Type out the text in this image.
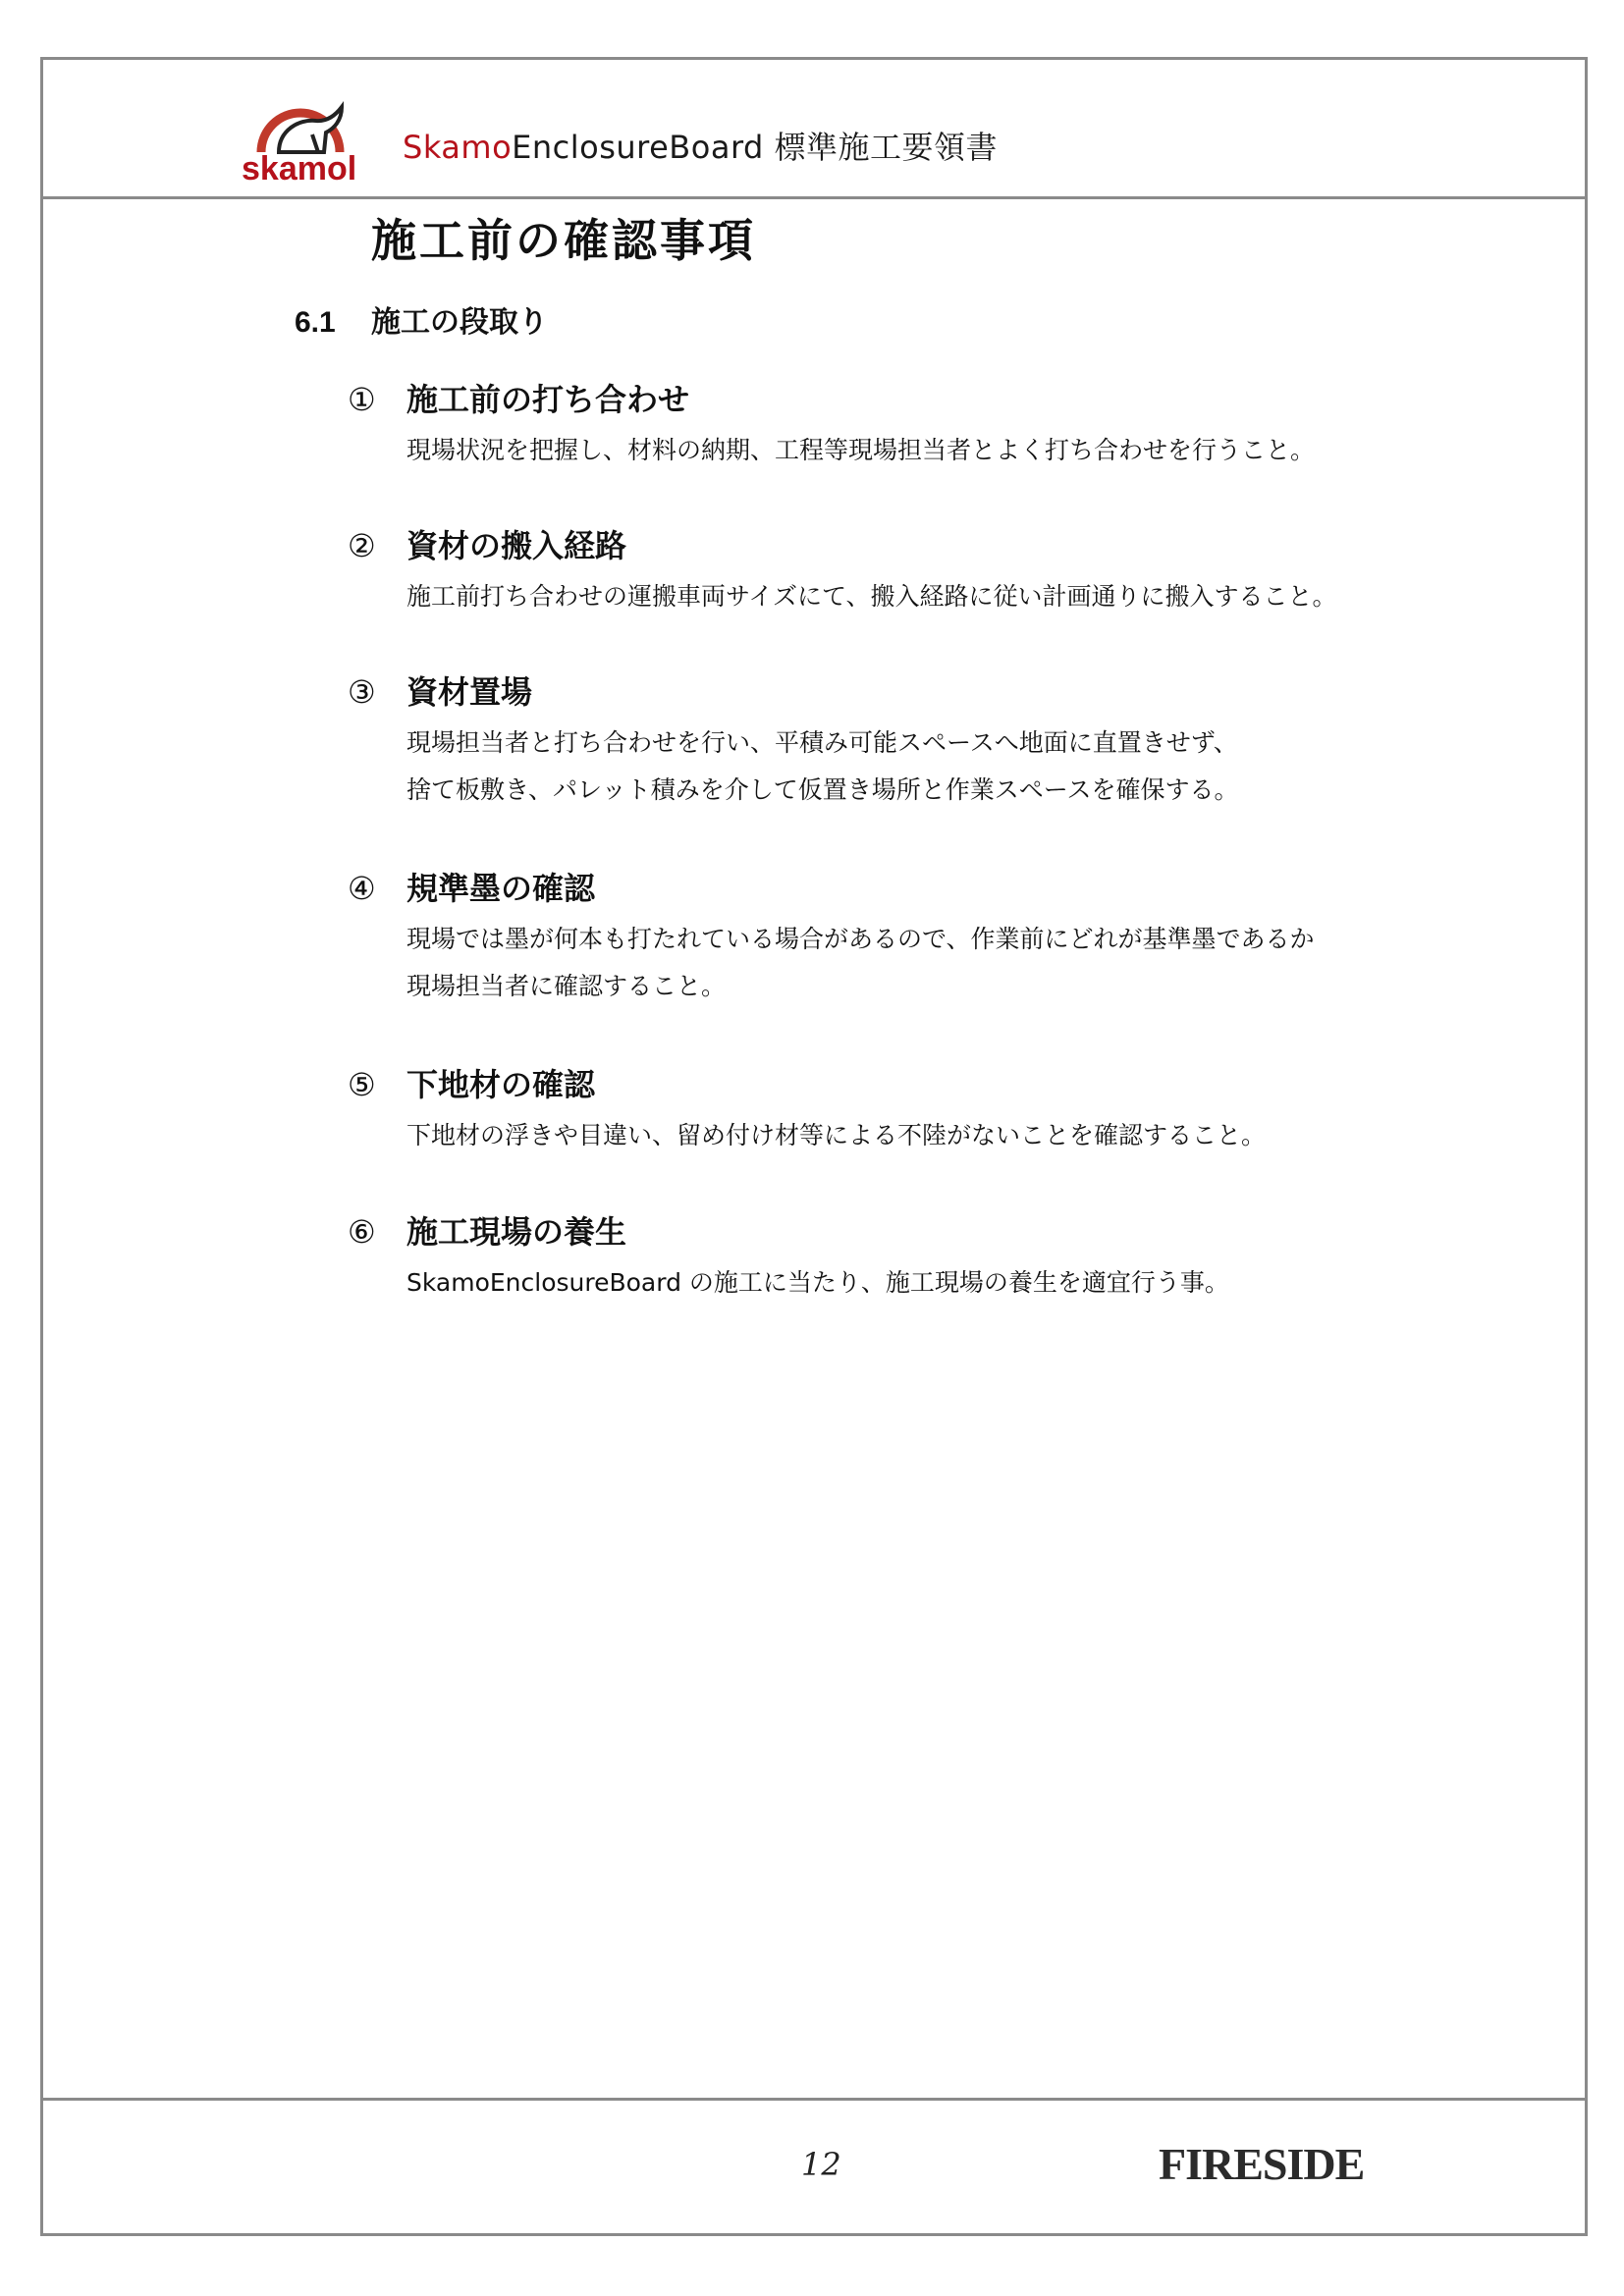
skamol
SkamoEnclosureBoard 標準施工要領書
施工前の確認事項
6.1 施工の段取り
① 施工前の打ち合わせ
現場状況を把握し、材料の納期、工程等現場担当者とよく打ち合わせを行うこと。
② 資材の搬入経路
施工前打ち合わせの運搬車両サイズにて、搬入経路に従い計画通りに搬入すること。
③ 資材置場
現場担当者と打ち合わせを行い、平積み可能スペースへ地面に直置きせず、
捨て板敷き、パレット積みを介して仮置き場所と作業スペースを確保する。
④ 規準墨の確認
現場では墨が何本も打たれている場合があるので、作業前にどれが基準墨であるか
現場担当者に確認すること。
⑤ 下地材の確認
下地材の浮きや目違い、留め付け材等による不陸がないことを確認すること。
⑥ 施工現場の養生
SkamoEnclosureBoard の施工に当たり、施工現場の養生を適宜行う事。
12	FIRESIDE
